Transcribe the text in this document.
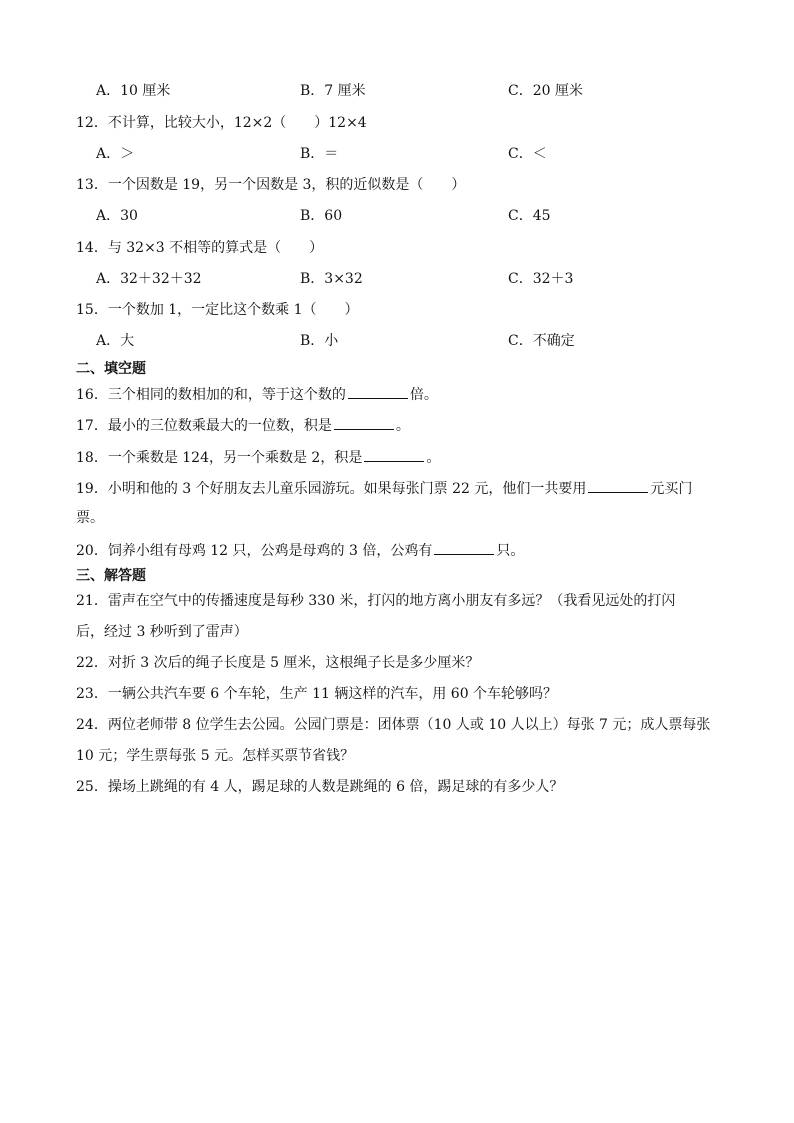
A．10 厘米	B．7 厘米	C．20 厘米
12．不计算，比较大小，12×2（　　）12×4
A．＞	B．＝	C．＜
13．一个因数是 19，另一个因数是 3，积的近似数是（　　）
A．30	B．60	C．45
14．与 32×3 不相等的算式是（　　）
A．32＋32＋32	B．3×32	C．32＋3
15．一个数加 1，一定比这个数乘 1（　　）
A．大	B．小	C．不确定
二、填空题
16．三个相同的数相加的和，等于这个数的	倍。
17．最小的三位数乘最大的一位数，积是	。
18．一个乘数是 124，另一个乘数是 2，积是	。
19．小明和他的 3 个好朋友去儿童乐园游玩。如果每张门票 22 元，他们一共要用	元买门
票。
20．饲养小组有母鸡 12 只，公鸡是母鸡的 3 倍，公鸡有	只。
三、解答题
21．雷声在空气中的传播速度是每秒 330 米，打闪的地方离小朋友有多远？（我看见远处的打闪
后，经过 3 秒听到了雷声）
22．对折 3 次后的绳子长度是 5 厘米，这根绳子长是多少厘米？
23．一辆公共汽车要 6 个车轮，生产 11 辆这样的汽车，用 60 个车轮够吗？
24．两位老师带 8 位学生去公园。公园门票是：团体票（10 人或 10 人以上）每张 7 元；成人票每张
10 元；学生票每张 5 元。怎样买票节省钱？
25．操场上跳绳的有 4 人，踢足球的人数是跳绳的 6 倍，踢足球的有多少人？
